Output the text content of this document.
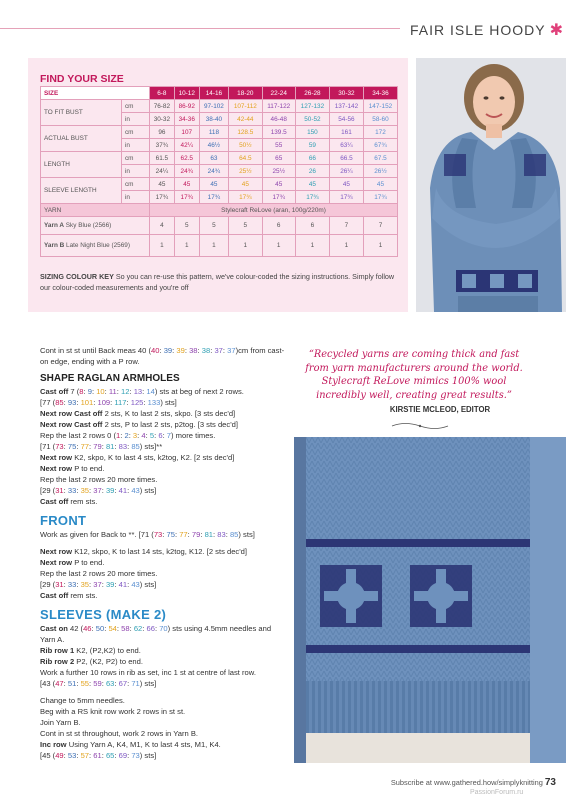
FAIR ISLE HOODY ✱
FIND YOUR SIZE
SIZE		6-8	10-12	14-16	18-20	22-24	26-28	30-32	34-36
TO FIT BUST	cm	76-82	86-92	97-102	107-112	117-122	127-132	137-142	147-152
	in	30-32	34-36	38-40	42-44	46-48	50-52	54-56	58-60
ACTUAL BUST	cm	96	107	118	128.5	139.5	150	161	172
	in	37¾	42¼	46½	50½	55	59	63¼	67¾
LENGTH	cm	61.5	62.5	63	64.5	65	66	66.5	67.5
	in	24¼	24¾	24¾	25½	25½	26	26¼	26½
SLEEVE LENGTH	cm	45	45	45	45	45	45	45	45
	in	17¾	17¾	17¾	17¾	17¾	17¾	17¾	17¾
YARN		Stylecraft ReLove (aran, 100g/220m)							
Yarn A Sky Blue (2566)		4	5	5	5	6	6	7	7
Yarn B Late Night Blue (2569)		1	1	1	1	1	1	1	1
SIZING COLOUR KEY So you can re-use this pattern, we've colour-coded the sizing instructions. Simply follow our colour-coded measurements and you're off

Cont in st st until Back meas 40 (40: 39: 39: 38: 38: 37: 37)cm from cast-on edge, ending with a P row.

SHAPE RAGLAN ARMHOLES

Cast off 7 (8: 9: 10: 11: 12: 13: 14) sts at beg of next 2 rows.

[77 (85: 93: 101: 109: 117: 125: 133) sts]

Next row Cast off 2 sts, K to last 2 sts, skpo. [3 sts dec'd]

Next row Cast off 2 sts, P to last 2 sts, p2tog. [3 sts dec'd]

Rep the last 2 rows 0 (1: 2: 3: 4: 5: 6: 7) more times.

[71 (73: 75: 77: 79: 81: 83: 85) sts]**

Next row K2, skpo, K to last 4 sts, k2tog, K2. [2 sts dec'd]

Next row P to end.

Rep the last 2 rows 20 more times.

[29 (31: 33: 35: 37: 39: 41: 43) sts]

Cast off rem sts.

FRONT

Work as given for Back to **. [71 (73: 75: 77: 79: 81: 83: 85) sts]

Next row K12, skpo, K to last 14 sts, k2tog, K12. [2 sts dec'd]

Next row P to end.

Rep the last 2 rows 20 more times.

[29 (31: 33: 35: 37: 39: 41: 43) sts]

Cast off rem sts.

SLEEVES (MAKE 2)

Cast on 42 (46: 50: 54: 58: 62: 66: 70) sts using 4.5mm needles and Yarn A.

Rib row 1 K2, (P2,K2) to end.

Rib row 2 P2, (K2, P2) to end.

Work a further 10 rows in rib as set, inc 1 st at centre of last row.

[43 (47: 51: 55: 59: 63: 67: 71) sts]

Change to 5mm needles.

Beg with a RS knit row work 2 rows in st st.

Join Yarn B.

Cont in st st throughout, work 2 rows in Yarn B.

Inc row Using Yarn A, K4, M1, K to last 4 sts, M1, K4.

[45 (49: 53: 57: 61: 65: 69: 73) sts]

“Recycled yarns are coming thick and fast from yarn manufacturers around the world. Stylecraft ReLove mimics 100% wool incredibly well, creating great results.”
KIRSTIE MCLEOD, EDITOR
Subscribe at www.gathered.how/simplyknitting 73
PassionForum.ru
